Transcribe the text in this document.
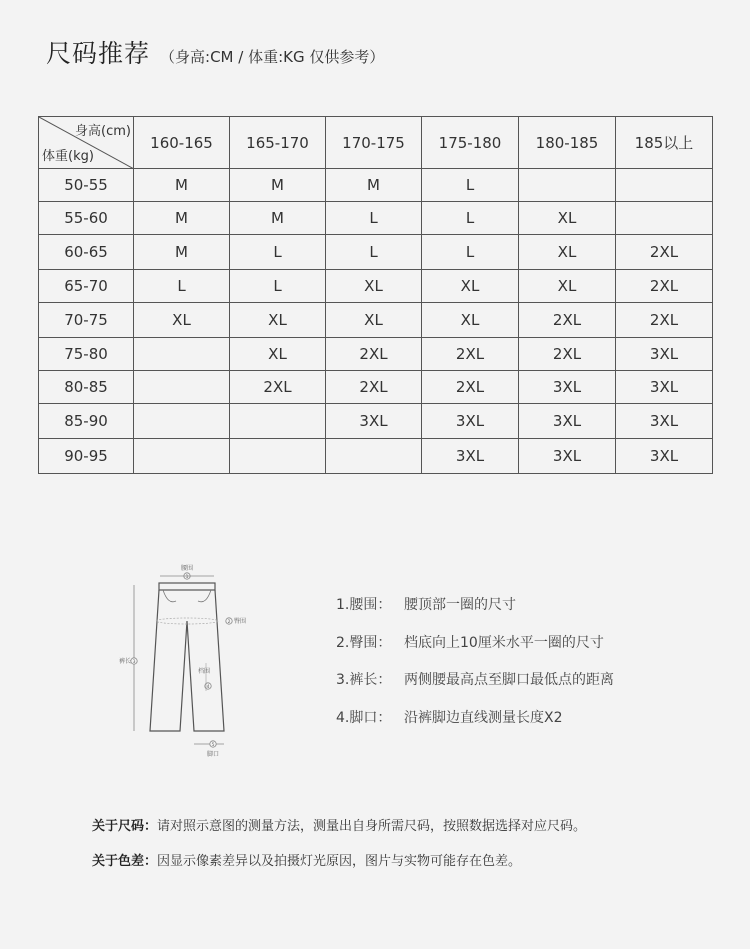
尺码推荐 （身高:CM / 体重:KG 仅供参考）
身高(cm)
体重(kg)	160-165	165-170	170-175	175-180	180-185	185以上
50-55	M	M	M	L		
55-60	M	M	L	L	XL	
60-65	M	L	L	L	XL	2XL
65-70	L	L	XL	XL	XL	2XL
70-75	XL	XL	XL	XL	2XL	2XL
75-80		XL	2XL	2XL	2XL	3XL
80-85		2XL	2XL	2XL	3XL	3XL
85-90			3XL	3XL	3XL	3XL
90-95				3XL	3XL	3XL
1
腰围
2 臀围
3
裤长
档围
4
5
脚口
1.腰围： 腰顶部一圈的尺寸
2.臀围： 档底向上10厘米水平一圈的尺寸
3.裤长： 两侧腰最高点至脚口最低点的距离
4.脚口： 沿裤脚边直线测量长度X2
关于尺码：请对照示意图的测量方法，测量出自身所需尺码，按照数据选择对应尺码。
关于色差：因显示像素差异以及拍摄灯光原因，图片与实物可能存在色差。
